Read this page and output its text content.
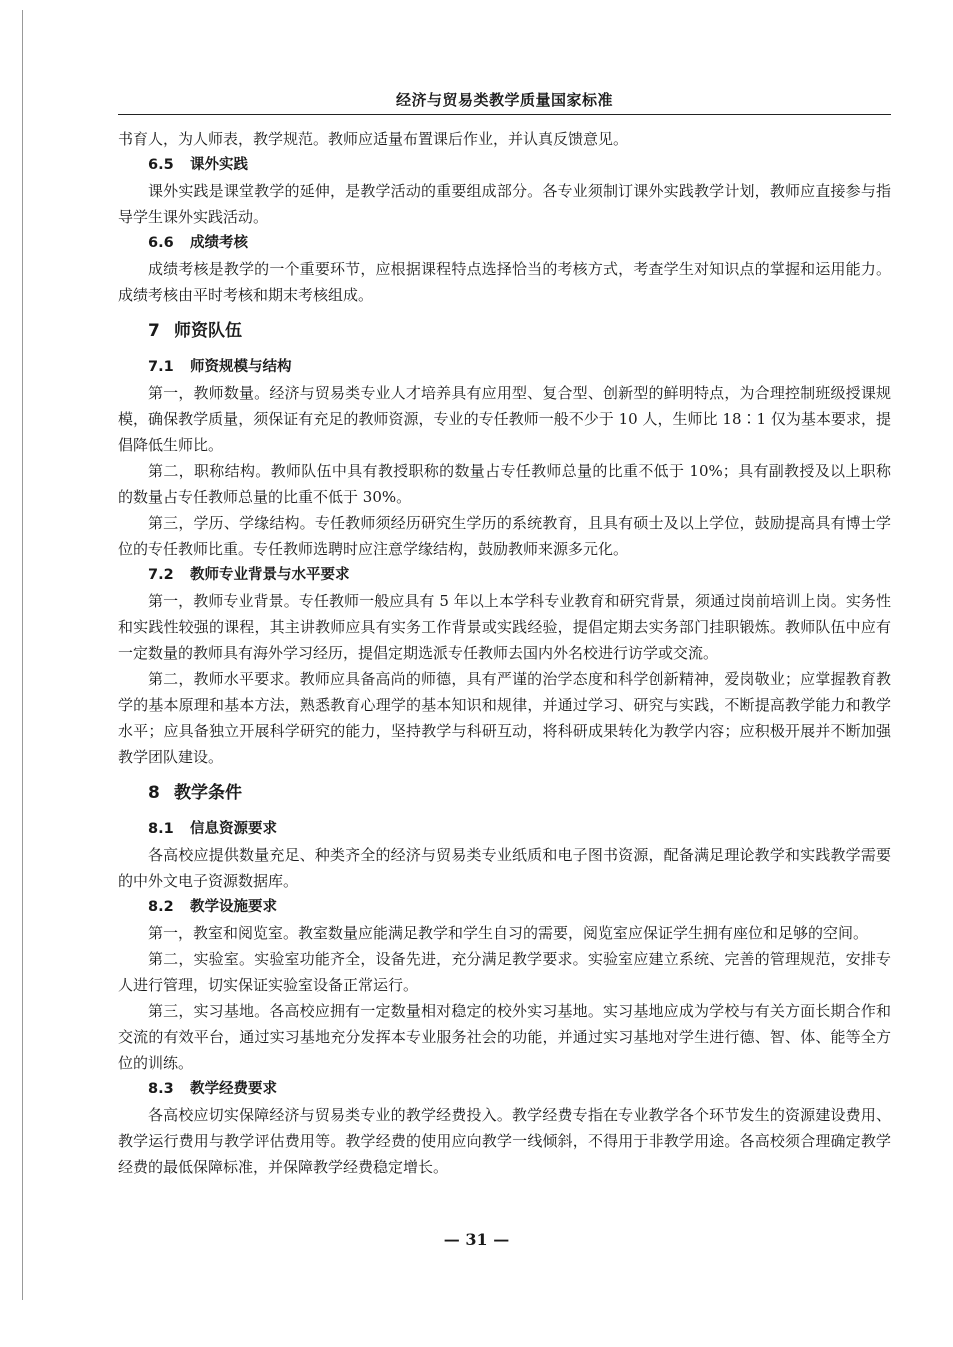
经济与贸易类教学质量国家标准

书育人，为人师表，教学规范。教师应适量布置课后作业，并认真反馈意见。

6.5 课外实践

课外实践是课堂教学的延伸，是教学活动的重要组成部分。各专业须制订课外实践教学计划，教师应直接参与指导学生课外实践活动。

6.6 成绩考核

成绩考核是教学的一个重要环节，应根据课程特点选择恰当的考核方式，考查学生对知识点的掌握和运用能力。成绩考核由平时考核和期末考核组成。

7 师资队伍
7.1 师资规模与结构

第一，教师数量。经济与贸易类专业人才培养具有应用型、复合型、创新型的鲜明特点，为合理控制班级授课规模，确保教学质量，须保证有充足的教师资源，专业的专任教师一般不少于 10 人，生师比 18∶1 仅为基本要求，提倡降低生师比。

第二，职称结构。教师队伍中具有教授职称的数量占专任教师总量的比重不低于 10%；具有副教授及以上职称的数量占专任教师总量的比重不低于 30%。

第三，学历、学缘结构。专任教师须经历研究生学历的系统教育，且具有硕士及以上学位，鼓励提高具有博士学位的专任教师比重。专任教师选聘时应注意学缘结构，鼓励教师来源多元化。

7.2 教师专业背景与水平要求

第一，教师专业背景。专任教师一般应具有 5 年以上本学科专业教育和研究背景，须通过岗前培训上岗。实务性和实践性较强的课程，其主讲教师应具有实务工作背景或实践经验，提倡定期去实务部门挂职锻炼。教师队伍中应有一定数量的教师具有海外学习经历，提倡定期选派专任教师去国内外名校进行访学或交流。

第二，教师水平要求。教师应具备高尚的师德，具有严谨的治学态度和科学创新精神，爱岗敬业；应掌握教育教学的基本原理和基本方法，熟悉教育心理学的基本知识和规律，并通过学习、研究与实践，不断提高教学能力和教学水平；应具备独立开展科学研究的能力，坚持教学与科研互动，将科研成果转化为教学内容；应积极开展并不断加强教学团队建设。

8 教学条件
8.1 信息资源要求

各高校应提供数量充足、种类齐全的经济与贸易类专业纸质和电子图书资源，配备满足理论教学和实践教学需要的中外文电子资源数据库。

8.2 教学设施要求

第一，教室和阅览室。教室数量应能满足教学和学生自习的需要，阅览室应保证学生拥有座位和足够的空间。

第二，实验室。实验室功能齐全，设备先进，充分满足教学要求。实验室应建立系统、完善的管理规范，安排专人进行管理，切实保证实验室设备正常运行。

第三，实习基地。各高校应拥有一定数量相对稳定的校外实习基地。实习基地应成为学校与有关方面长期合作和交流的有效平台，通过实习基地充分发挥本专业服务社会的功能，并通过实习基地对学生进行德、智、体、能等全方位的训练。

8.3 教学经费要求

各高校应切实保障经济与贸易类专业的教学经费投入。教学经费专指在专业教学各个环节发生的资源建设费用、教学运行费用与教学评估费用等。教学经费的使用应向教学一线倾斜，不得用于非教学用途。各高校须合理确定教学经费的最低保障标准，并保障教学经费稳定增长。

— 31 —
